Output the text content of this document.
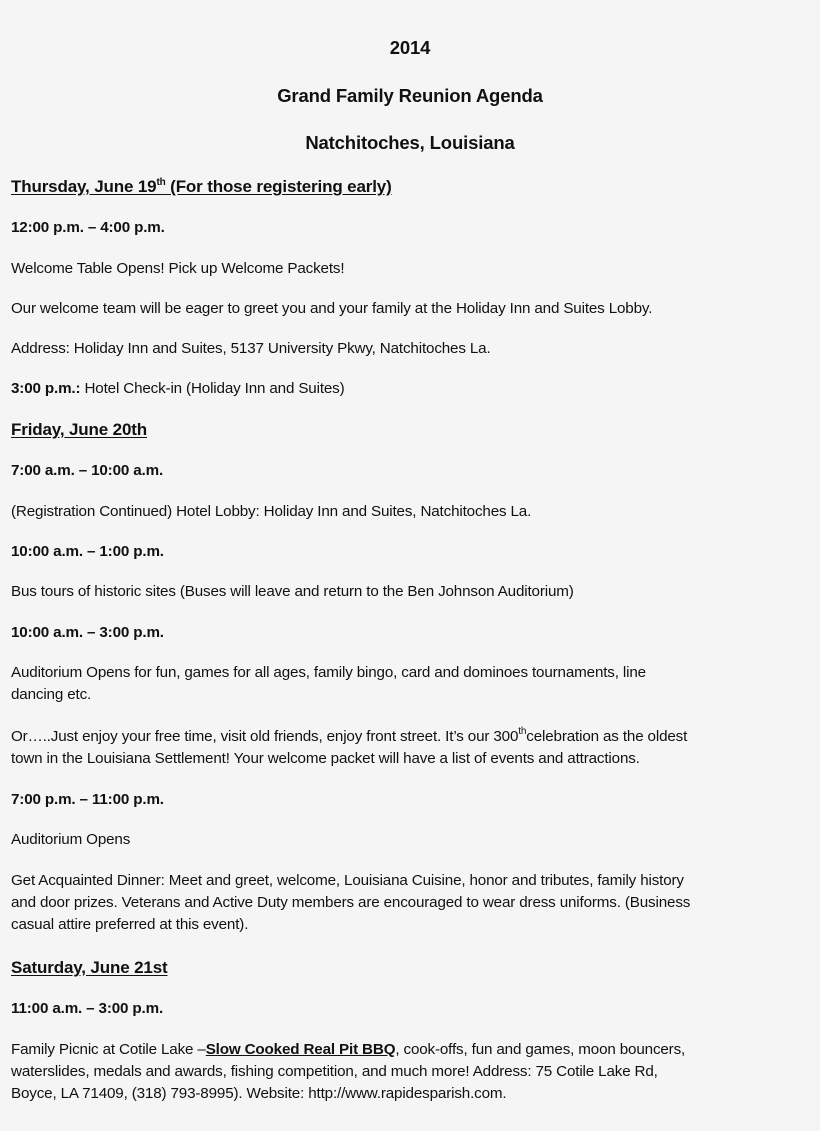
2014
Grand Family Reunion Agenda
Natchitoches, Louisiana
Thursday, June 19th (For those registering early)
12:00 p.m. – 4:00 p.m.
Welcome Table Opens! Pick up Welcome Packets!
Our welcome team will be eager to greet you and your family at the Holiday Inn and Suites Lobby.
Address: Holiday Inn and Suites, 5137 University Pkwy, Natchitoches La.
3:00 p.m.: Hotel Check-in (Holiday Inn and Suites)
Friday, June 20th
7:00 a.m. – 10:00 a.m.
(Registration Continued) Hotel Lobby: Holiday Inn and Suites, Natchitoches La.
10:00 a.m. – 1:00 p.m.
Bus tours of historic sites (Buses will leave and return to the Ben Johnson Auditorium)
10:00 a.m. – 3:00 p.m.
Auditorium Opens for fun, games for all ages, family bingo, card and dominoes tournaments, line
dancing etc.
Or…..Just enjoy your free time, visit old friends, enjoy front street. It’s our 300thcelebration as the oldest
town in the Louisiana Settlement! Your welcome packet will have a list of events and attractions.
7:00 p.m. – 11:00 p.m.
Auditorium Opens
Get Acquainted Dinner: Meet and greet, welcome, Louisiana Cuisine, honor and tributes, family history
and door prizes. Veterans and Active Duty members are encouraged to wear dress uniforms. (Business
casual attire preferred at this event).
Saturday, June 21st
11:00 a.m. – 3:00 p.m.
Family Picnic at Cotile Lake –Slow Cooked Real Pit BBQ, cook-offs, fun and games, moon bouncers,
waterslides, medals and awards, fishing competition, and much more! Address: 75 Cotile Lake Rd,
Boyce, LA 71409, (318) 793-8995). Website: http://www.rapidesparish.com.
